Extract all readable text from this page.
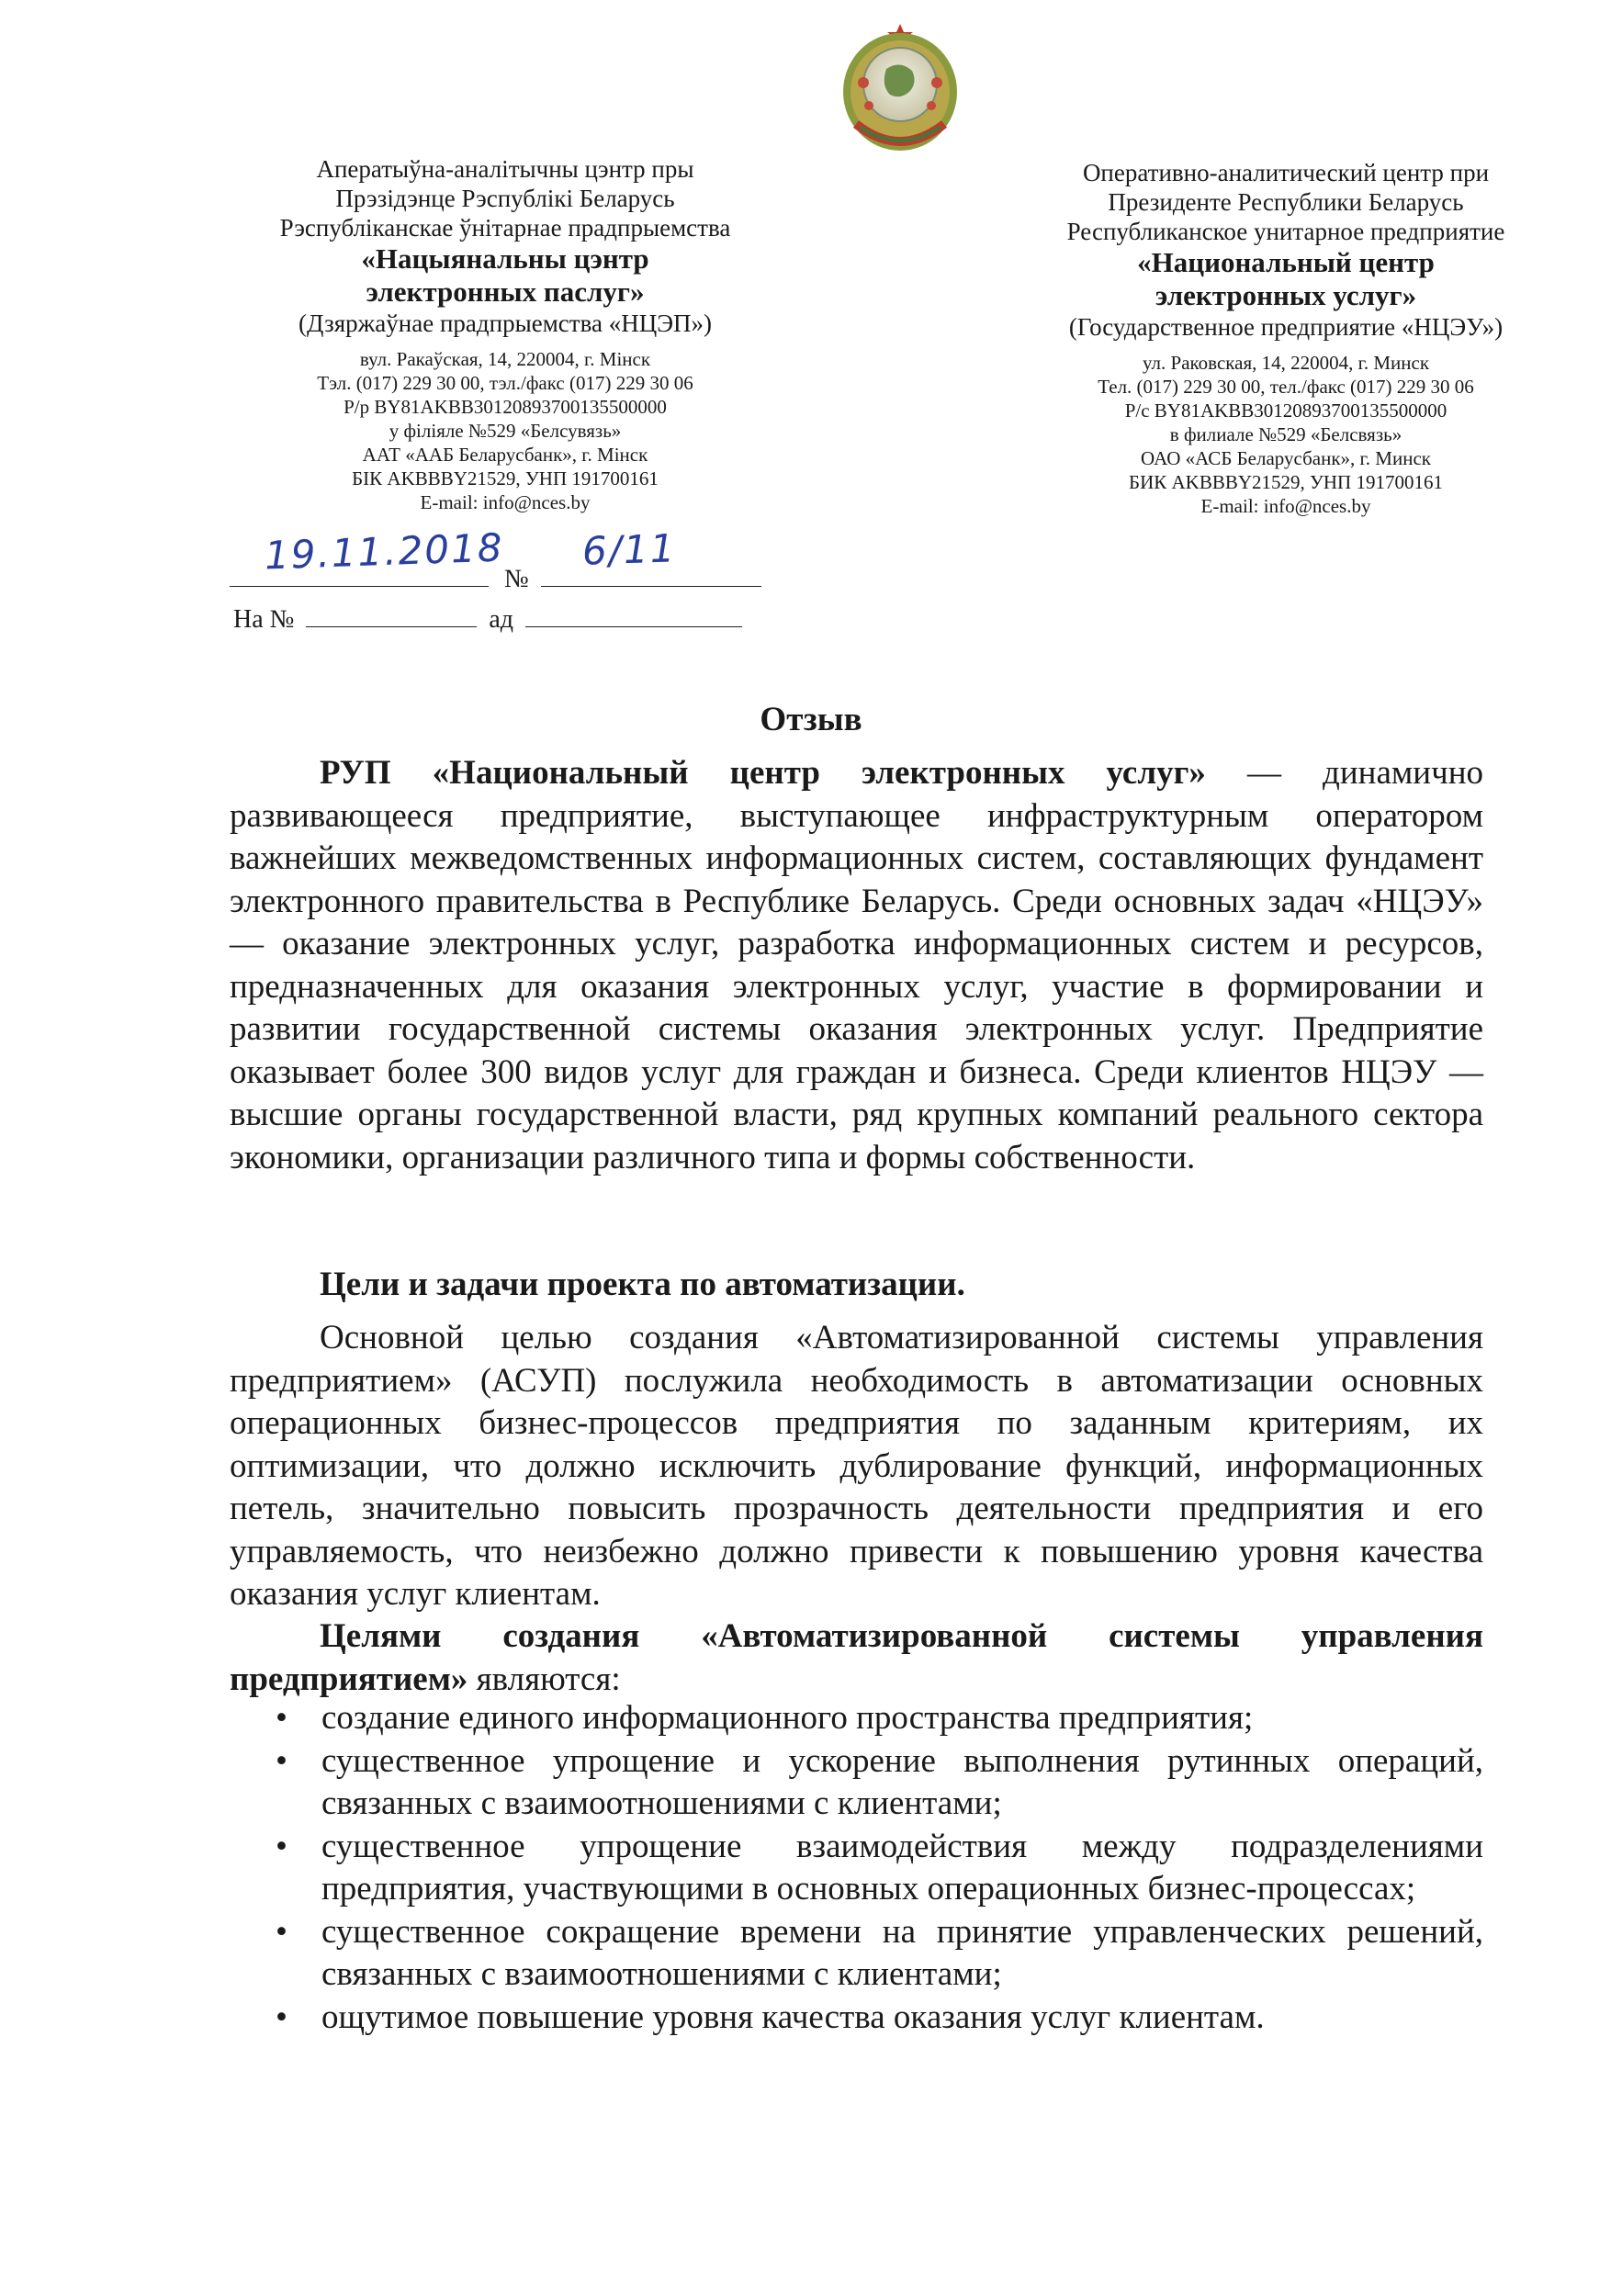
Аператыўна-аналітычны цэнтр пры
Прэзідэнце Рэспублікі Беларусь
Рэспубліканскае ўнітарнае прадпрыемства
«Нацыянальны цэнтр
электронных паслуг»
(Дзяржаўнае прадпрыемства «НЦЭП»)
вул. Ракаўская, 14, 220004, г. Мінск
Тэл. (017) 229 30 00, тэл./факс (017) 229 30 06
Р/р BY81AKBB30120893700135500000
у філіяле №529 «Белсувязь»
ААТ «ААБ Беларусбанк», г. Мінск
БІК AKBBBY21529, УНП 191700161
E-mail: info@nces.by
Оперативно-аналитический центр при
Президенте Республики Беларусь
Республиканское унитарное предприятие
«Национальный центр
электронных услуг»
(Государственное предприятие «НЦЭУ»)
ул. Раковская, 14, 220004, г. Минск
Тел. (017) 229 30 00, тел./факс (017) 229 30 06
Р/с BY81AKBB30120893700135500000
в филиале №529 «Белсвязь»
ОАО «АСБ Беларусбанк», г. Минск
БИК AKBBBY21529, УНП 191700161
E-mail: info@nces.by
№
19.11.2018 6/11
На №	ад
Отзыв

РУП «Национальный центр электронных услуг» — динамично развивающееся предприятие, выступающее инфраструктурным оператором важнейших межведомственных информационных систем, составляющих фундамент электронного правительства в Республике Беларусь. Среди основных задач «НЦЭУ» — оказание электронных услуг, разработка информационных систем и ресурсов, предназначенных для оказания электронных услуг, участие в формировании и развитии государственной системы оказания электронных услуг. Предприятие оказывает более 300 видов услуг для граждан и бизнеса. Среди клиентов НЦЭУ — высшие органы государственной власти, ряд крупных компаний реального сектора экономики, организации различного типа и формы собственности.

Цели и задачи проекта по автоматизации.

Основной целью создания «Автоматизированной системы управления предприятием» (АСУП) послужила необходимость в автоматизации основных операционных бизнес-процессов предприятия по заданным критериям, их оптимизации, что должно исключить дублирование функций, информационных петель, значительно повысить прозрачность деятельности предприятия и его управляемость, что неизбежно должно привести к повышению уровня качества оказания услуг клиентам.

Целями создания «Автоматизированной системы управления предприятием» являются:

• создание единого информационного пространства предприятия;
• существенное упрощение и ускорение выполнения рутинных операций, связанных с взаимоотношениями с клиентами;
• существенное упрощение взаимодействия между подразделениями предприятия, участвующими в основных операционных бизнес-процессах;
• существенное сокращение времени на принятие управленческих решений, связанных с взаимоотношениями с клиентами;
• ощутимое повышение уровня качества оказания услуг клиентам.
